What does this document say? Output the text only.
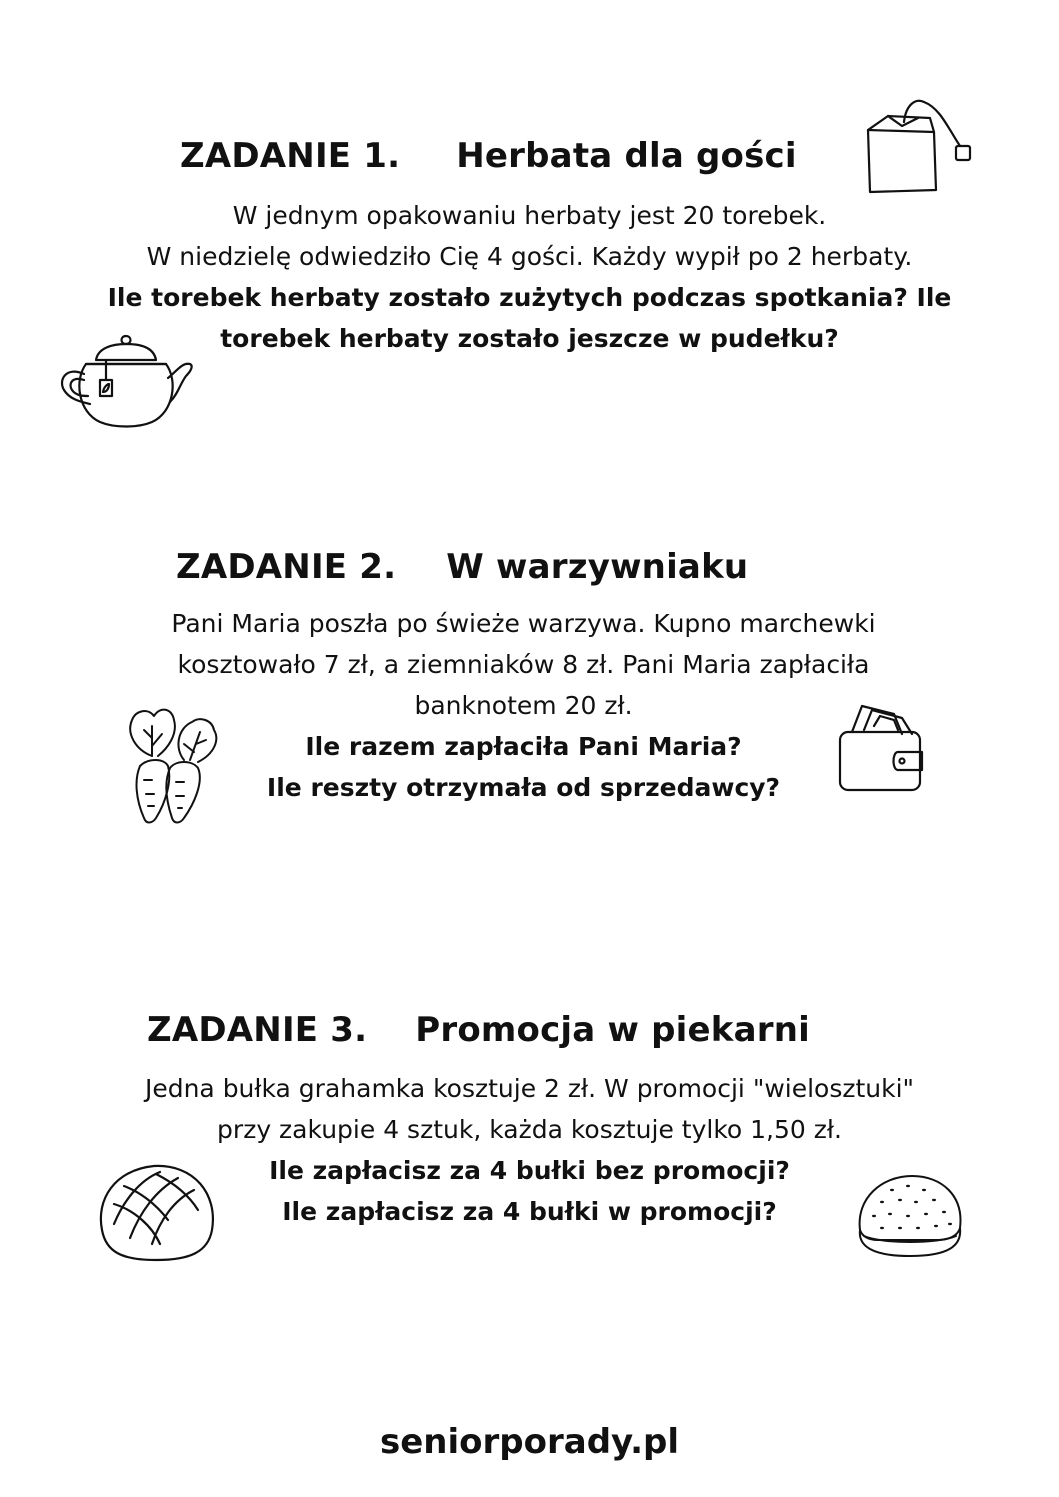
ZADANIE 1. Herbata dla gości
W jednym opakowaniu herbaty jest 20 torebek.
W niedzielę odwiedziło Cię 4 gości. Każdy wypił po 2 herbaty.
Ile torebek herbaty zostało zużytych podczas spotkania? Ile
torebek herbaty zostało jeszcze w pudełku?
ZADANIE 2. W warzywniaku
Pani Maria poszła po świeże warzywa. Kupno marchewki
kosztowało 7 zł, a ziemniaków 8 zł. Pani Maria zapłaciła
banknotem 20 zł.
Ile razem zapłaciła Pani Maria?
Ile reszty otrzymała od sprzedawcy?
ZADANIE 3. Promocja w piekarni
Jedna bułka grahamka kosztuje 2 zł. W promocji "wielosztuki"
przy zakupie 4 sztuk, każda kosztuje tylko 1,50 zł.
Ile zapłacisz za 4 bułki bez promocji?
Ile zapłacisz za 4 bułki w promocji?
seniorporady.pl
